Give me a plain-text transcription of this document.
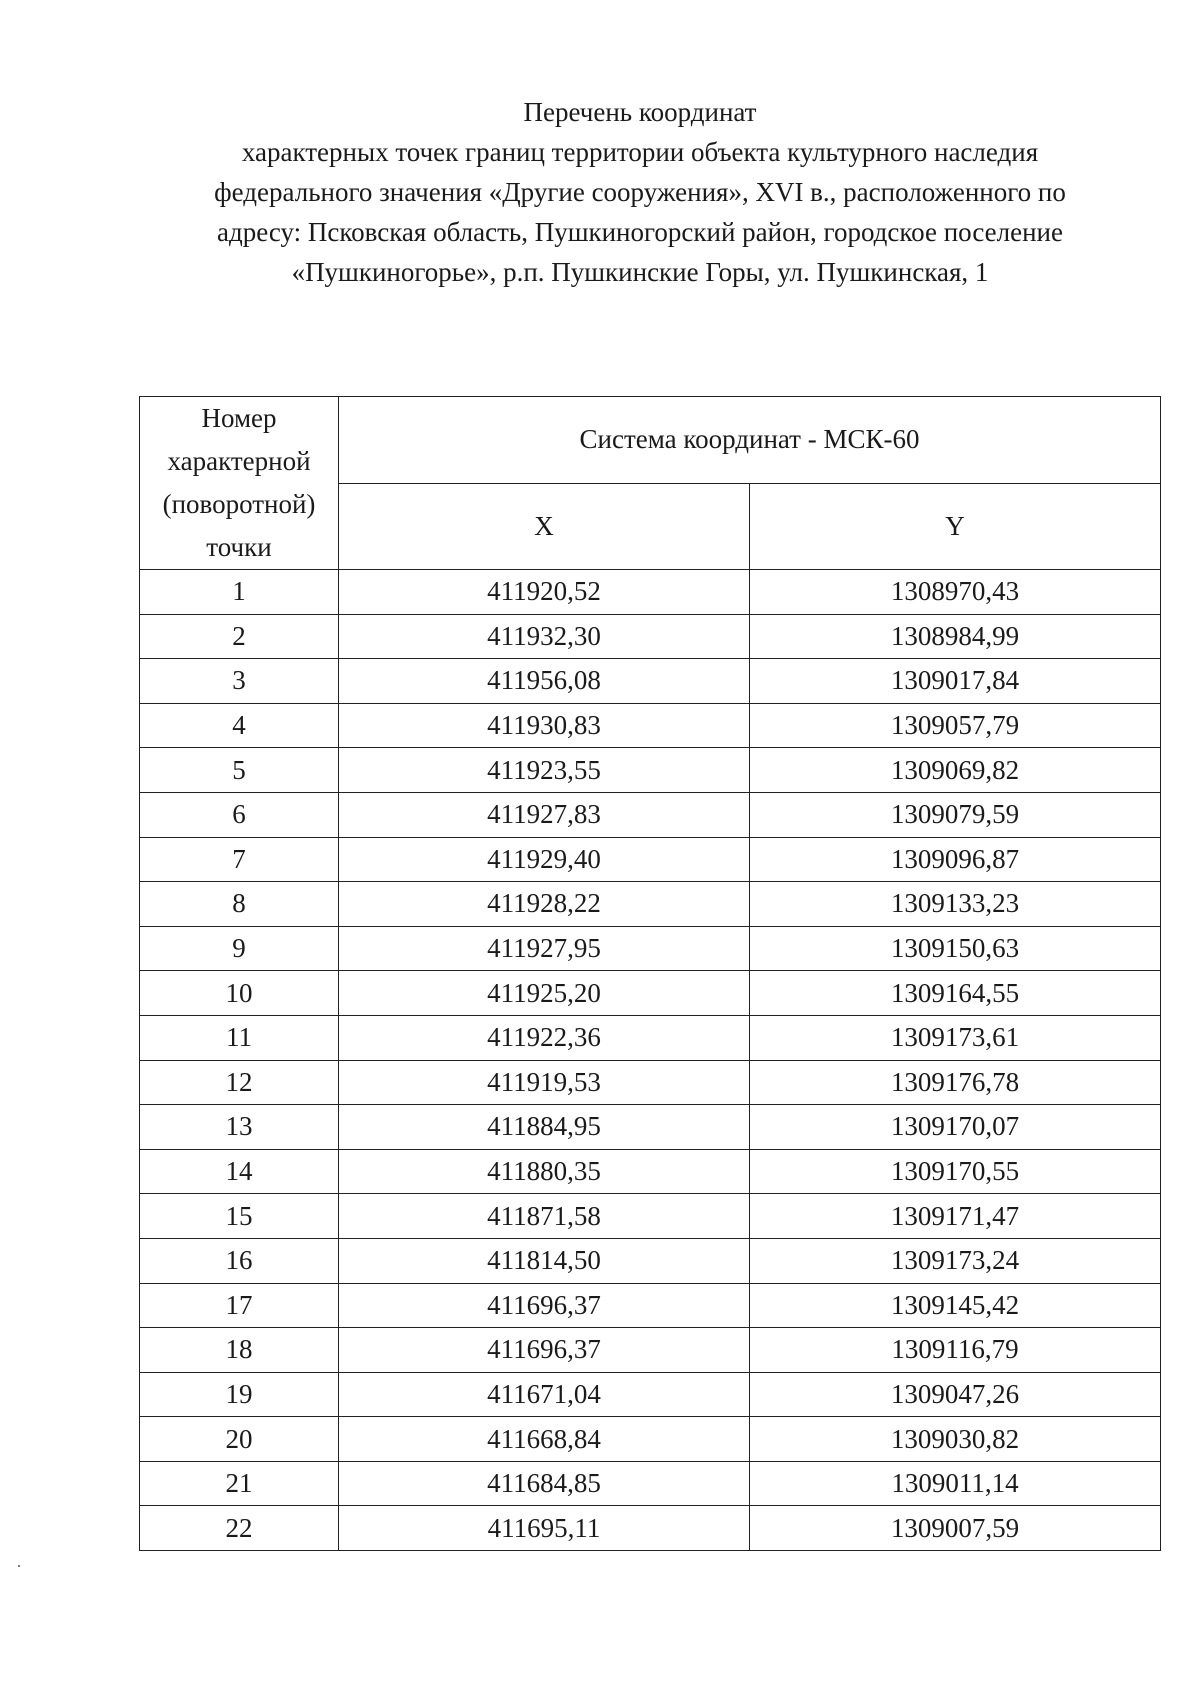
Перечень координат
характерных точек границ территории объекта культурного наследия
федерального значения «Другие сооружения», XVI в., расположенного по
адресу: Псковская область, Пушкиногорский район, городское поселение
«Пушкиногорье», р.п. Пушкинские Горы, ул. Пушкинская, 1
Номер
характерной
(поворотной)
точки	Система координат - МСК-60	
	X	Y
1	411920,52	1308970,43
2	411932,30	1308984,99
3	411956,08	1309017,84
4	411930,83	1309057,79
5	411923,55	1309069,82
6	411927,83	1309079,59
7	411929,40	1309096,87
8	411928,22	1309133,23
9	411927,95	1309150,63
10	411925,20	1309164,55
11	411922,36	1309173,61
12	411919,53	1309176,78
13	411884,95	1309170,07
14	411880,35	1309170,55
15	411871,58	1309171,47
16	411814,50	1309173,24
17	411696,37	1309145,42
18	411696,37	1309116,79
19	411671,04	1309047,26
20	411668,84	1309030,82
21	411684,85	1309011,14
22	411695,11	1309007,59
